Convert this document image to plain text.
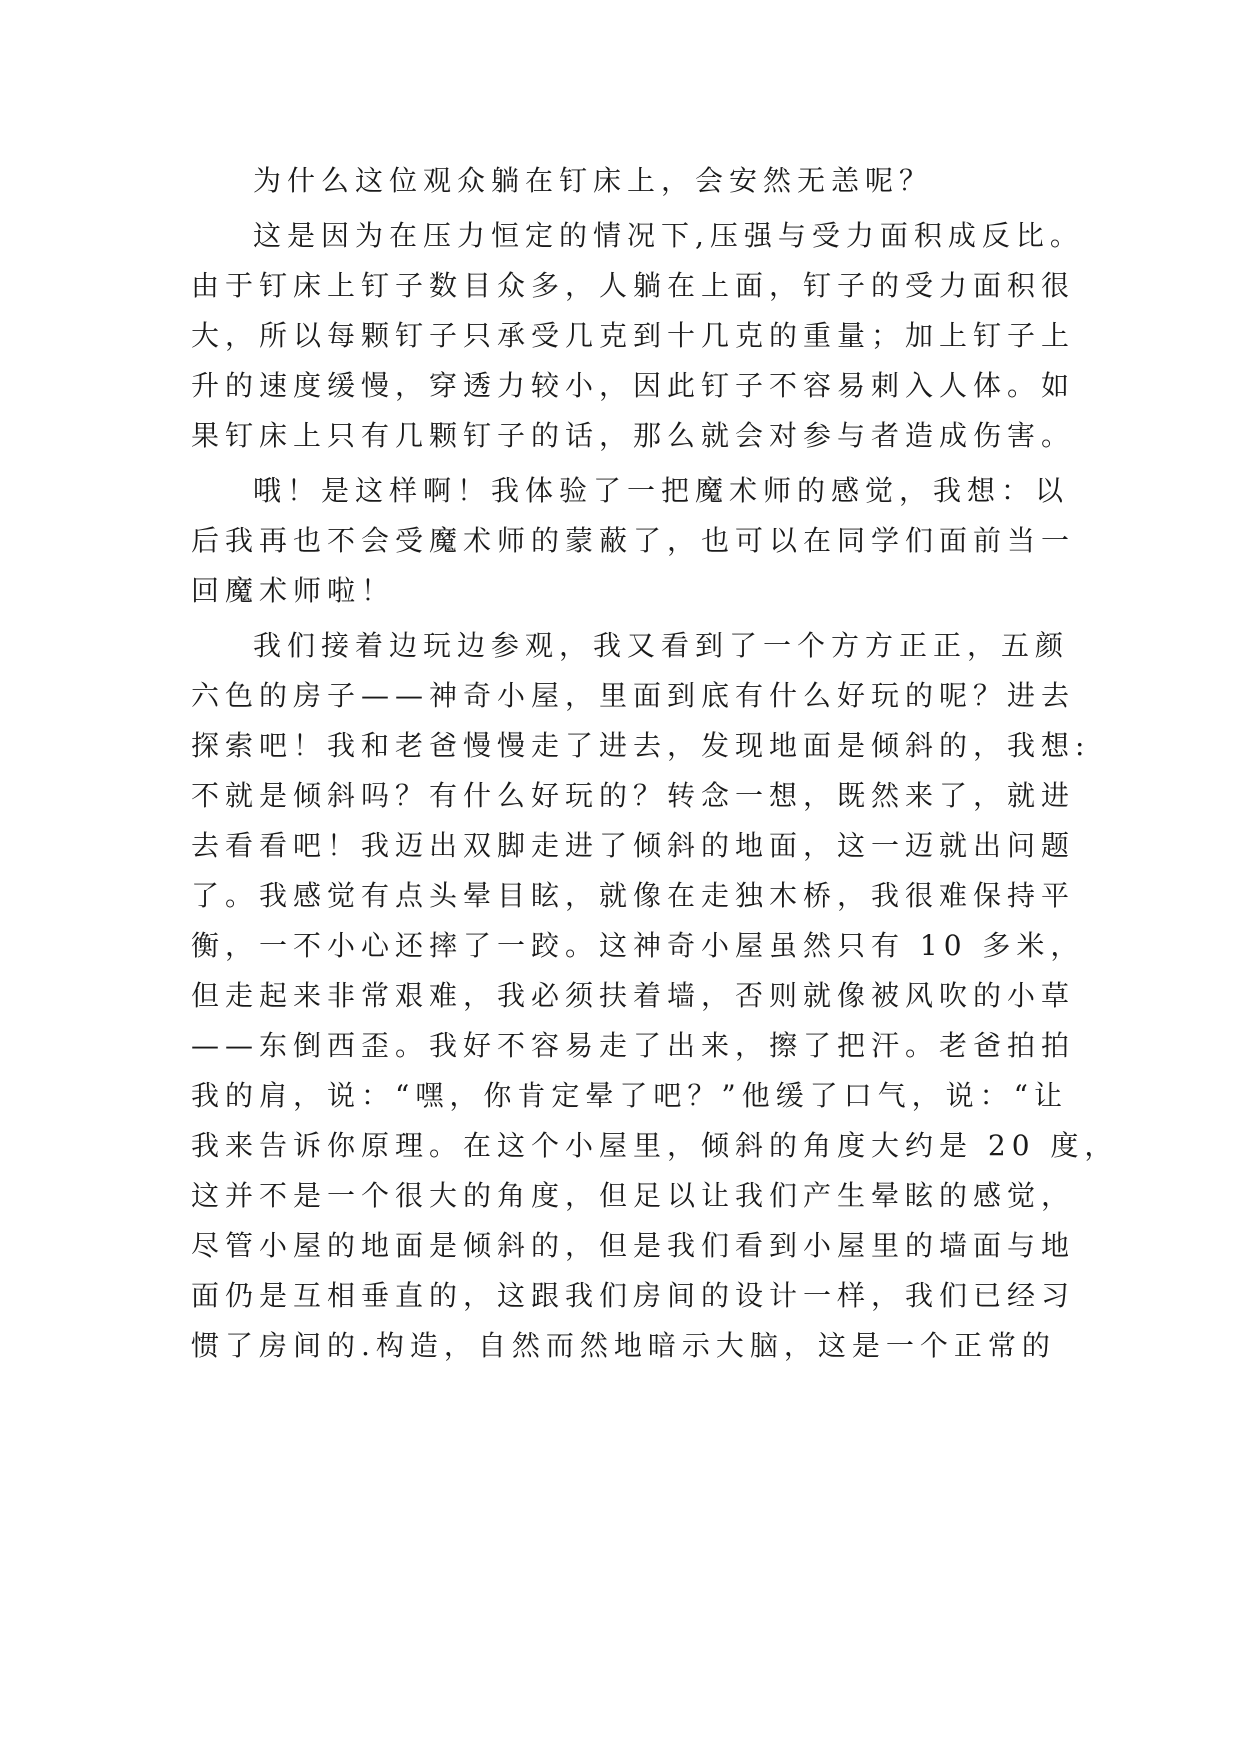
为什么这位观众躺在钉床上，会安然无恙呢？
这是因为在压力恒定的情况下,压强与受力面积成反比。
由于钉床上钉子数目众多，人躺在上面，钉子的受力面积很
大，所以每颗钉子只承受几克到十几克的重量；加上钉子上
升的速度缓慢，穿透力较小，因此钉子不容易刺入人体。如
果钉床上只有几颗钉子的话，那么就会对参与者造成伤害。
哦！是这样啊！我体验了一把魔术师的感觉，我想：以
后我再也不会受魔术师的蒙蔽了，也可以在同学们面前当一
回魔术师啦！
我们接着边玩边参观，我又看到了一个方方正正，五颜
六色的房子——神奇小屋，里面到底有什么好玩的呢？进去
探索吧！我和老爸慢慢走了进去，发现地面是倾斜的，我想:
不就是倾斜吗？有什么好玩的？转念一想，既然来了，就进
去看看吧！我迈出双脚走进了倾斜的地面，这一迈就出问题
了。我感觉有点头晕目眩，就像在走独木桥，我很难保持平
衡，一不小心还摔了一跤。这神奇小屋虽然只有 10 多米，
但走起来非常艰难，我必须扶着墙，否则就像被风吹的小草
——东倒西歪。我好不容易走了出来，擦了把汗。老爸拍拍
我的肩，说：“嘿，你肯定晕了吧？”他缓了口气，说：“让
我来告诉你原理。在这个小屋里，倾斜的角度大约是 20 度，
这并不是一个很大的角度，但足以让我们产生晕眩的感觉，
尽管小屋的地面是倾斜的，但是我们看到小屋里的墙面与地
面仍是互相垂直的，这跟我们房间的设计一样，我们已经习
惯了房间的.构造，自然而然地暗示大脑，这是一个正常的
